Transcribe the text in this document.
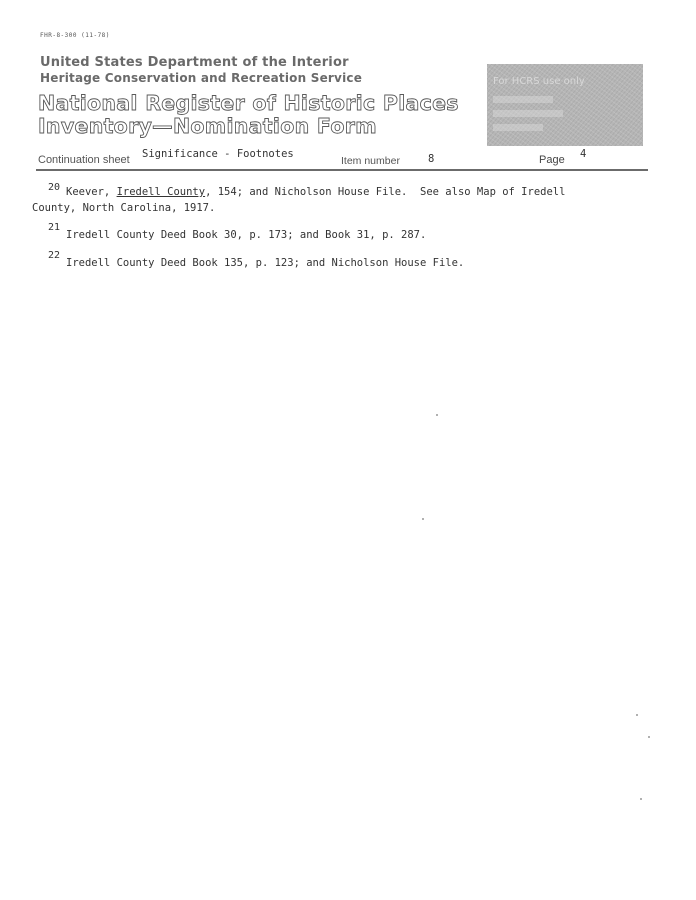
FHR-8-300 (11-78)
United States Department of the Interior
Heritage Conservation and Recreation Service
National Register of Historic Places
Inventory—Nomination Form
For HCRS use only
Continuation sheet Significance - Footnotes
Item number	8	Page 4
20 Keever, Iredell County, 154; and Nicholson House File.  See also Map of Iredell
County, North Carolina, 1917.
21
Iredell County Deed Book 30, p. 173; and Book 31, p. 287.
22
Iredell County Deed Book 135, p. 123; and Nicholson House File.
